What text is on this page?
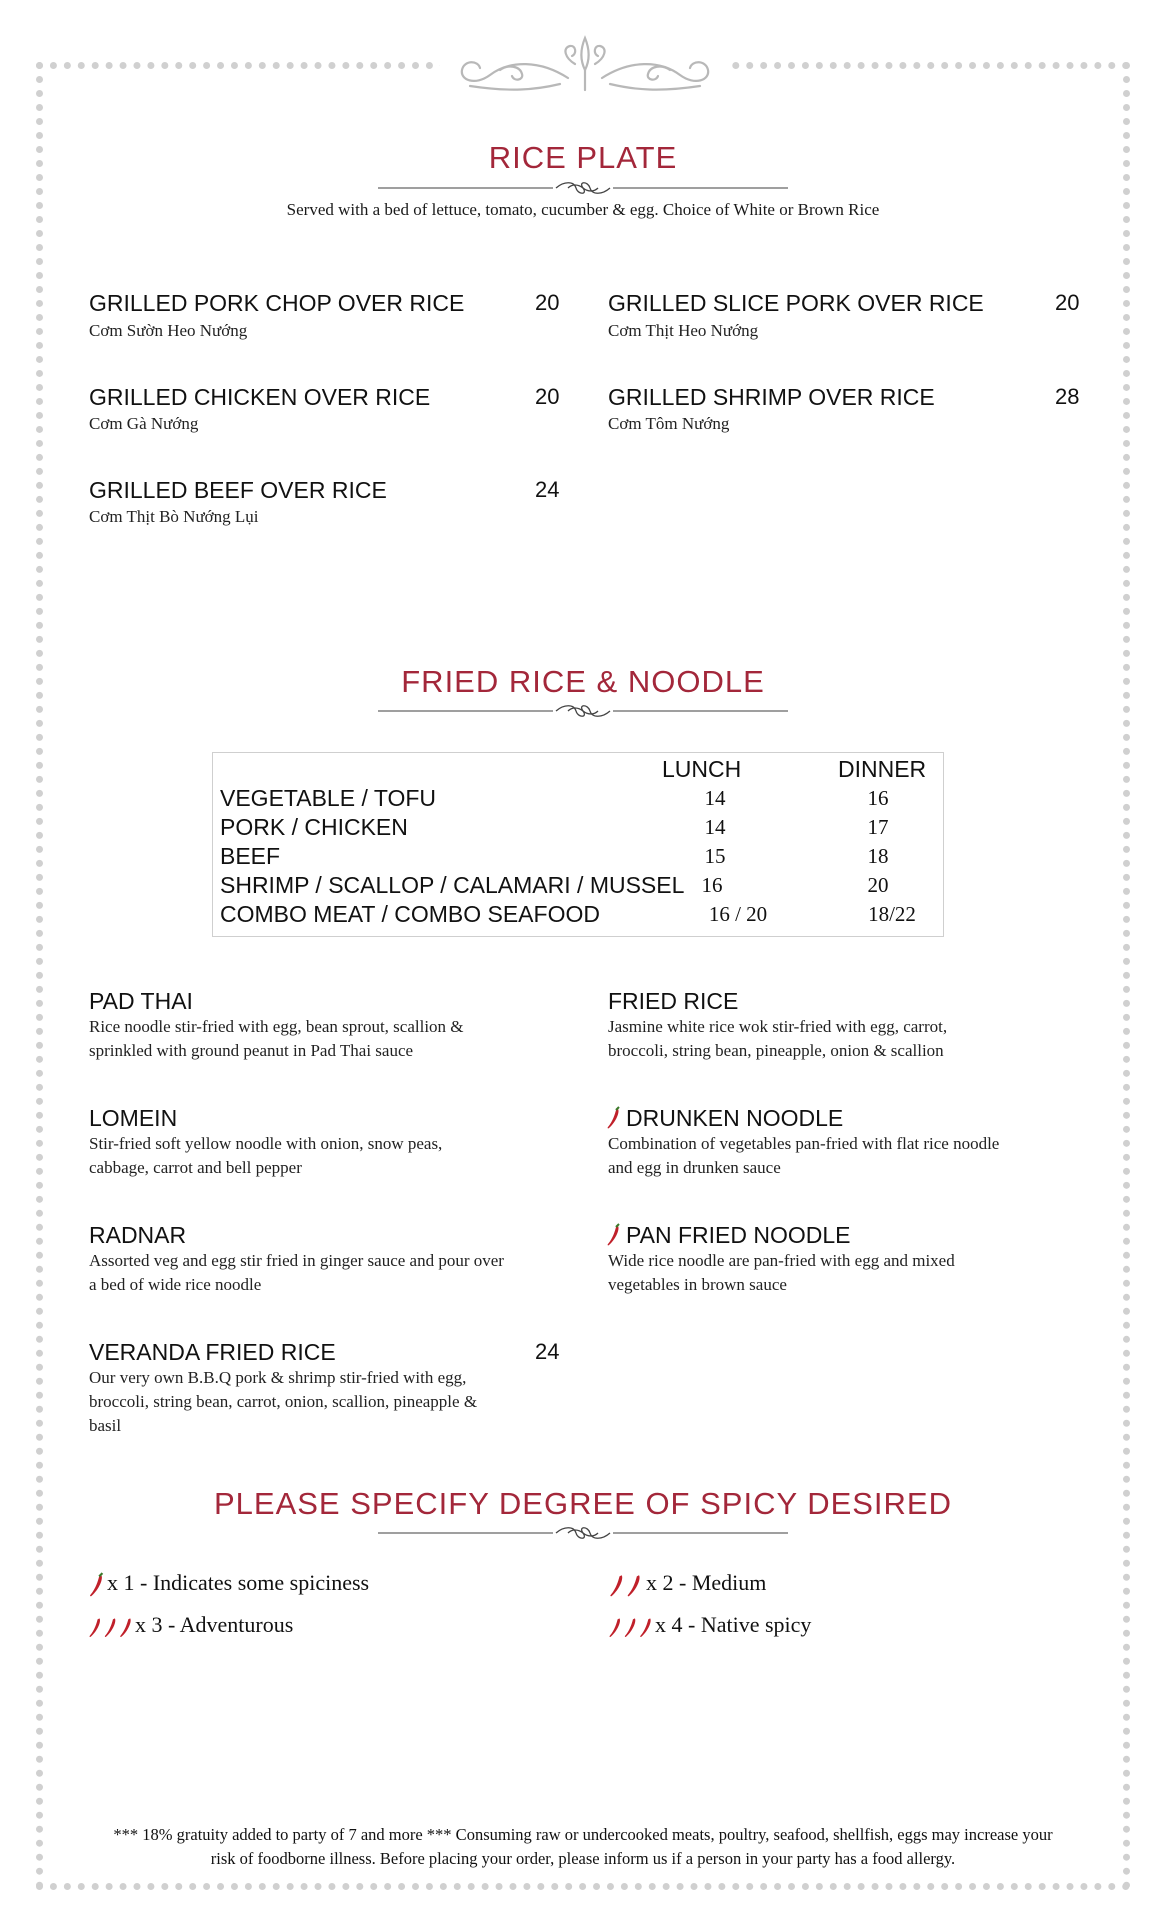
RICE PLATE
Served with a bed of lettuce, tomato, cucumber & egg. Choice of White or Brown Rice
GRILLED PORK CHOP OVER RICE	20
Cơm Sườn Heo Nướng
GRILLED SLICE PORK OVER RICE	20
Cơm Thịt Heo Nướng
GRILLED CHICKEN OVER RICE	20
Cơm Gà Nướng
GRILLED SHRIMP OVER RICE	28
Cơm Tôm Nướng
GRILLED BEEF OVER RICE	24
Cơm Thịt Bò Nướng Lụi
FRIED RICE & NOODLE
LUNCH	DINNER
VEGETABLE / TOFU	14	16
PORK / CHICKEN	14	17
BEEF	15	18
SHRIMP / SCALLOP / CALAMARI / MUSSEL 16	20
COMBO MEAT / COMBO SEAFOOD	16 / 20	18/22
PAD THAI
Rice noodle stir-fried with egg, bean sprout, scallion & sprinkled with ground peanut in Pad Thai sauce
FRIED RICE
Jasmine white rice wok stir-fried with egg, carrot, broccoli, string bean, pineapple, onion & scallion
LOMEIN
Stir-fried soft yellow noodle with onion, snow peas, cabbage, carrot and bell pepper
DRUNKEN NOODLE
Combination of vegetables pan-fried with flat rice noodle and egg in drunken sauce
RADNAR
Assorted veg and egg stir fried in ginger sauce and pour over a bed of wide rice noodle
PAN FRIED NOODLE
Wide rice noodle are pan-fried with egg and mixed vegetables in brown sauce
VERANDA FRIED RICE	24
Our very own B.B.Q pork & shrimp stir-fried with egg, broccoli, string bean, carrot, onion, scallion, pineapple & basil
PLEASE SPECIFY DEGREE OF SPICY DESIRED
x 1 - Indicates some spiciness	x 2 - Medium
x 3 - Adventurous	x 4 - Native spicy
*** 18% gratuity added to party of 7 and more *** Consuming raw or undercooked meats, poultry, seafood, shellfish, eggs may increase your risk of foodborne illness. Before placing your order, please inform us if a person in your party has a food allergy.
